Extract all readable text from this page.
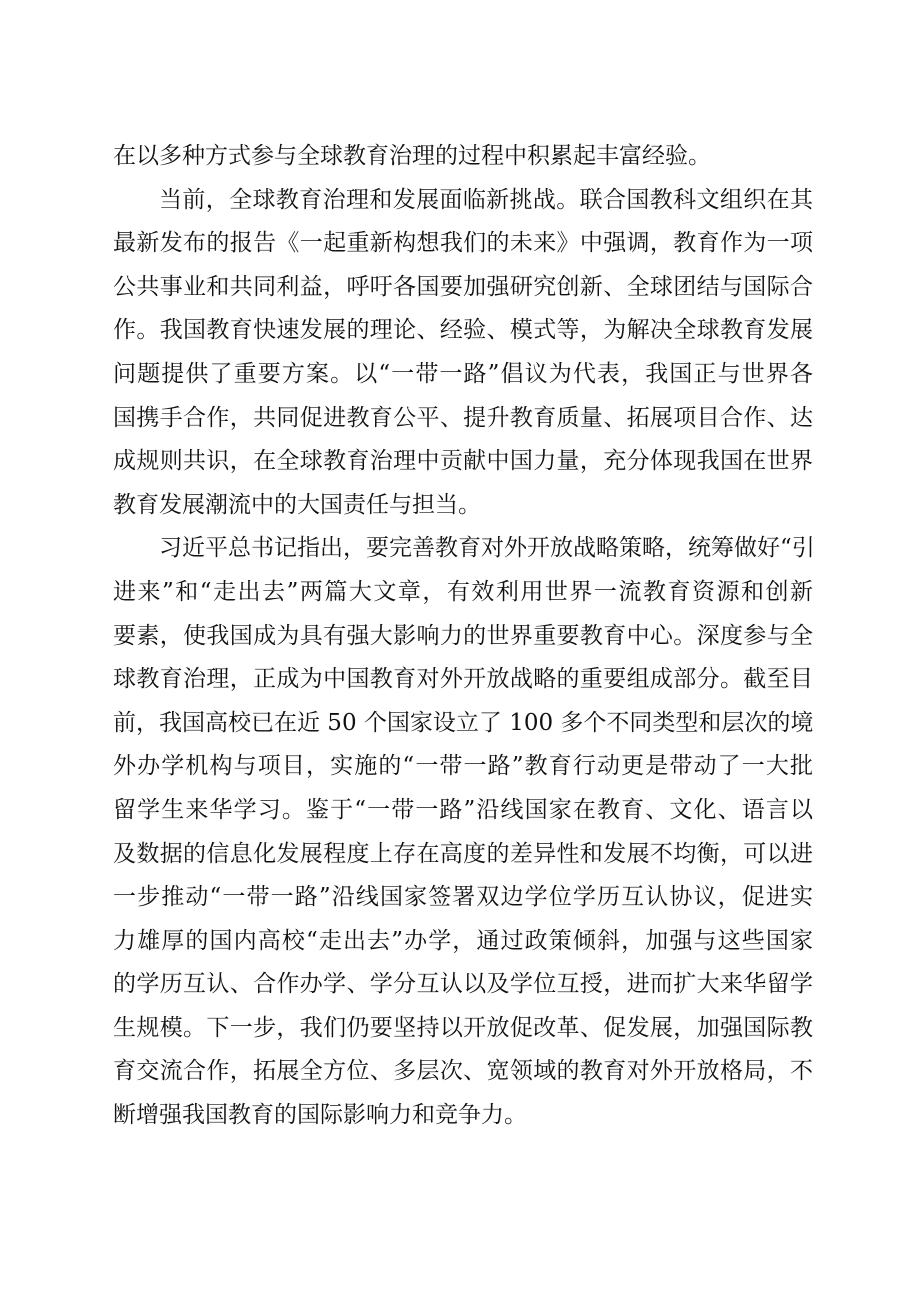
在以多种方式参与全球教育治理的过程中积累起丰富经验。
当前，全球教育治理和发展面临新挑战。联合国教科文组织在其
最新发布的报告《一起重新构想我们的未来》中强调，教育作为一项
公共事业和共同利益，呼吁各国要加强研究创新、全球团结与国际合
作。我国教育快速发展的理论、经验、模式等，为解决全球教育发展
问题提供了重要方案。以“一带一路”倡议为代表，我国正与世界各
国携手合作，共同促进教育公平、提升教育质量、拓展项目合作、达
成规则共识，在全球教育治理中贡献中国力量，充分体现我国在世界
教育发展潮流中的大国责任与担当。
习近平总书记指出，要完善教育对外开放战略策略，统筹做好“引
进来”和“走出去”两篇大文章，有效利用世界一流教育资源和创新
要素，使我国成为具有强大影响力的世界重要教育中心。深度参与全
球教育治理，正成为中国教育对外开放战略的重要组成部分。截至目
前，我国高校已在近 50 个国家设立了 100 多个不同类型和层次的境
外办学机构与项目，实施的“一带一路”教育行动更是带动了一大批
留学生来华学习。鉴于“一带一路”沿线国家在教育、文化、语言以
及数据的信息化发展程度上存在高度的差异性和发展不均衡，可以进
一步推动“一带一路”沿线国家签署双边学位学历互认协议，促进实
力雄厚的国内高校“走出去”办学，通过政策倾斜，加强与这些国家
的学历互认、合作办学、学分互认以及学位互授，进而扩大来华留学
生规模。下一步，我们仍要坚持以开放促改革、促发展，加强国际教
育交流合作，拓展全方位、多层次、宽领域的教育对外开放格局，不
断增强我国教育的国际影响力和竞争力。
